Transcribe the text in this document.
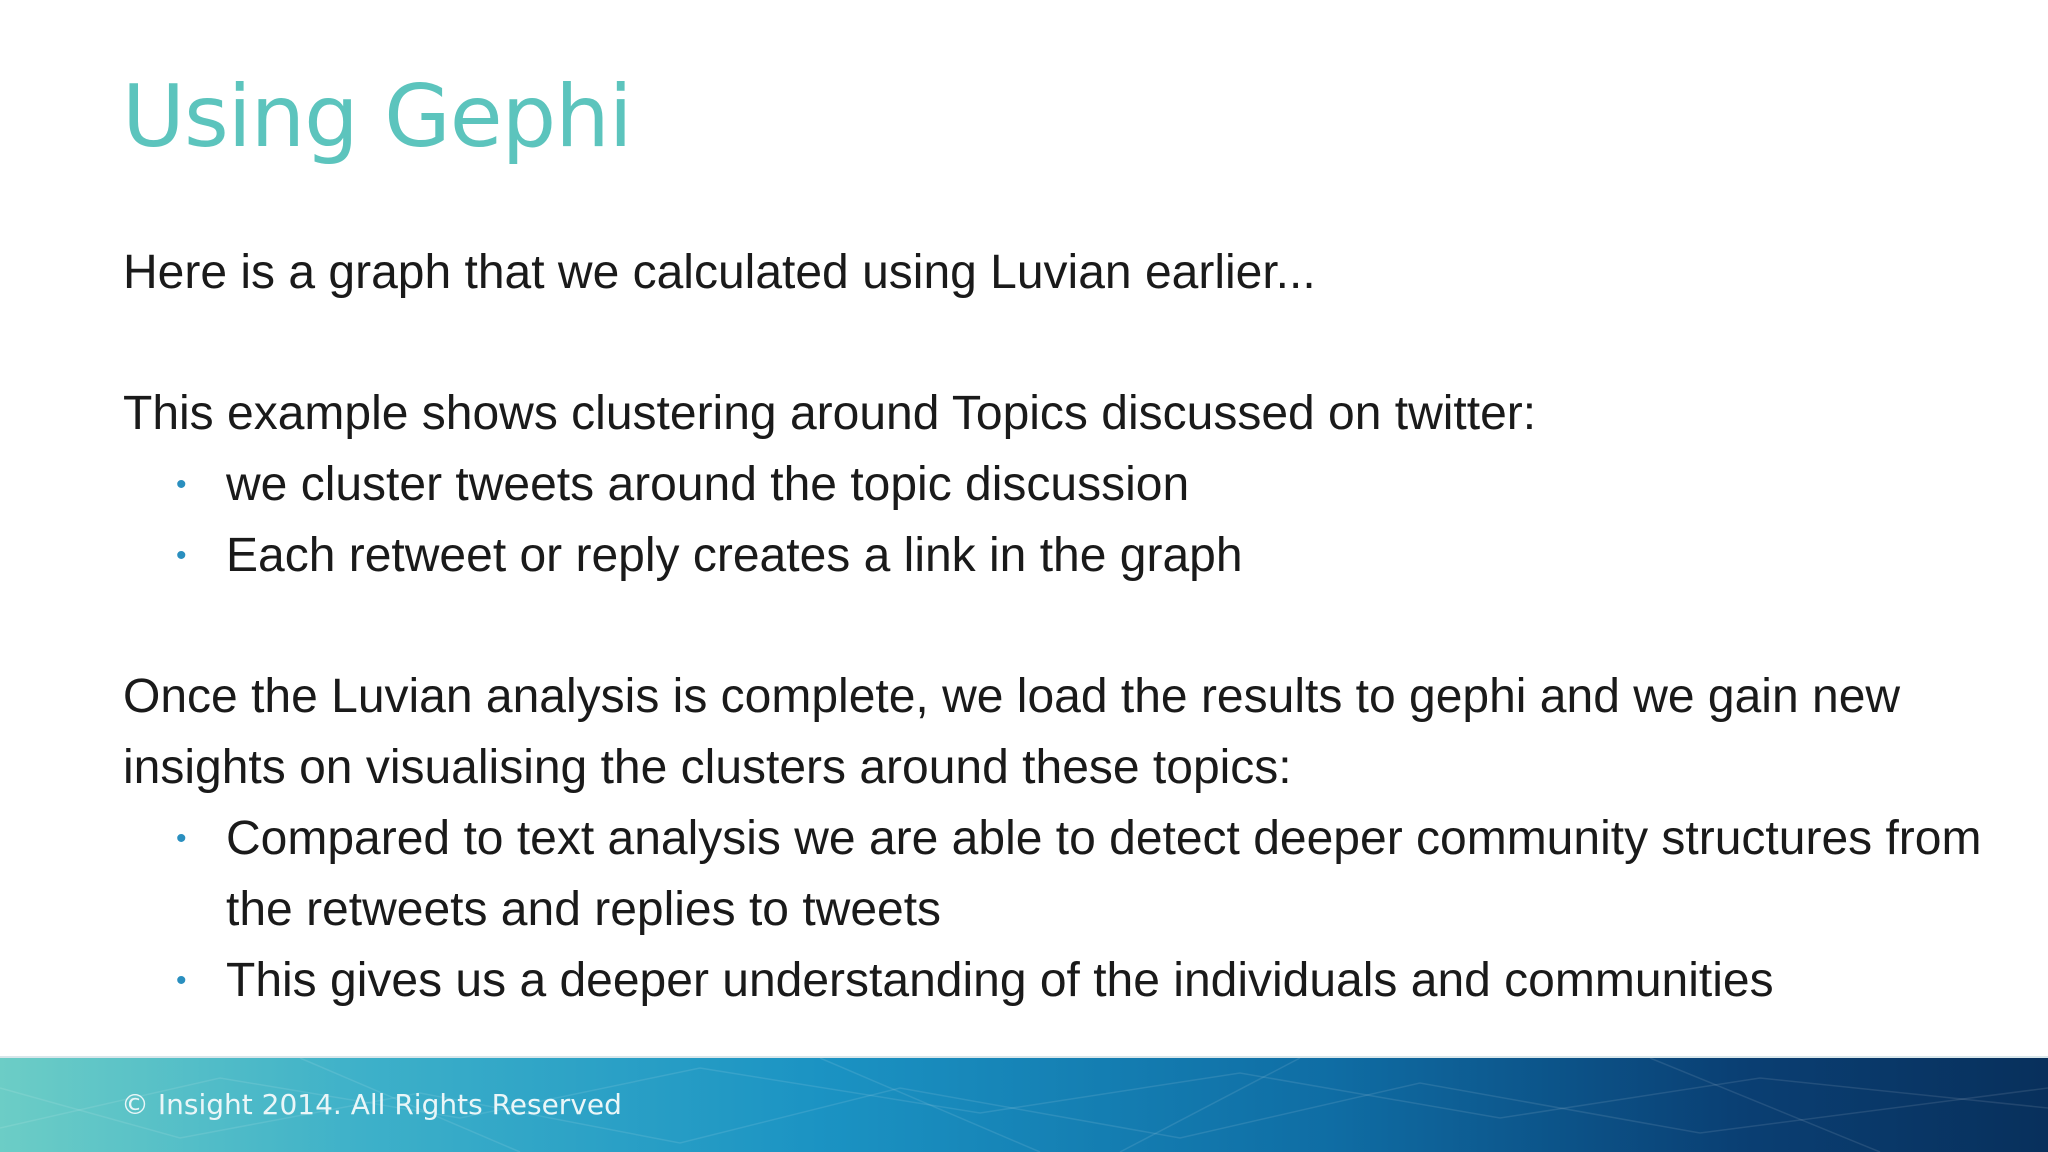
Using Gephi

Here is a graph that we calculated using Luvian earlier...

This example shows clustering around Topics discussed on twitter:

• we cluster tweets around the topic discussion
• Each retweet or reply creates a link in the graph

Once the Luvian analysis is complete, we load the results to gephi and we gain new insights on visualising the clusters around these topics:

• Compared to text analysis we are able to detect deeper community structures from the retweets and replies to tweets
• This gives us a deeper understanding of the individuals and communities
© Insight 2014. All Rights Reserved
